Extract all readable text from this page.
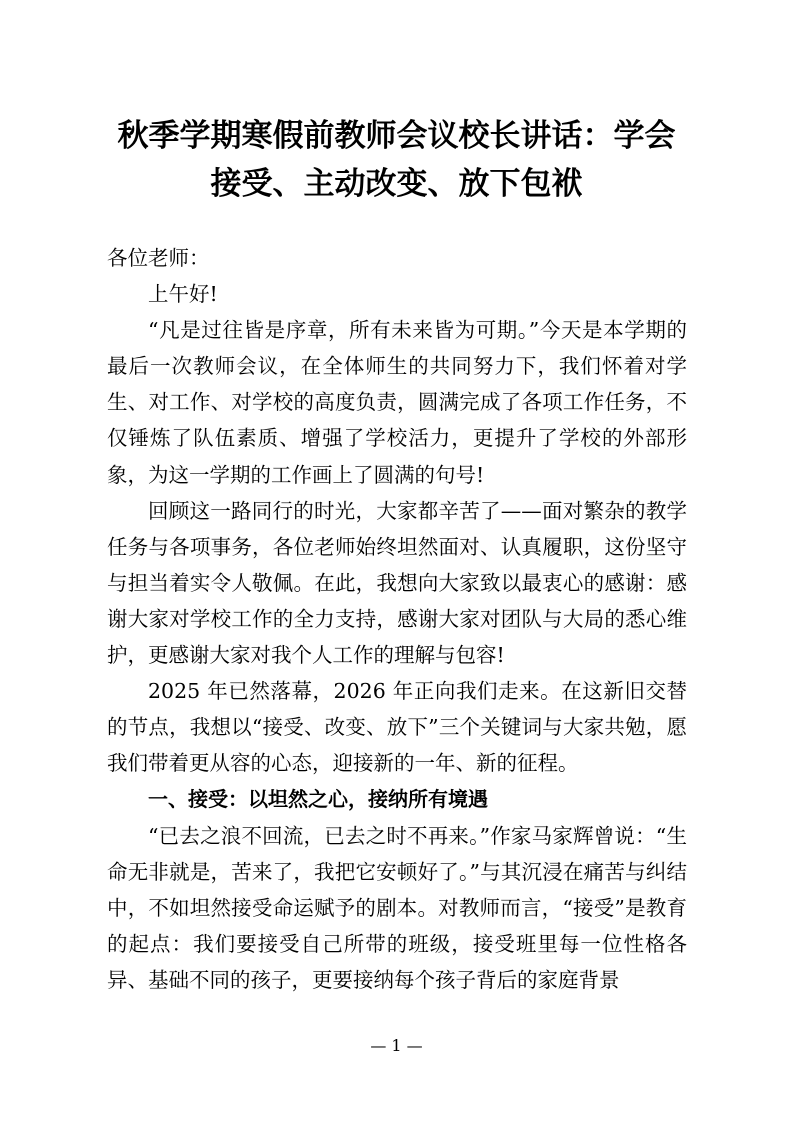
秋季学期寒假前教师会议校长讲话：学会
接受、主动改变、放下包袱

各位老师：

上午好!

“凡是过往皆是序章，所有未来皆为可期。”今天是本学期的最后一次教师会议，在全体师生的共同努力下，我们怀着对学生、对工作、对学校的高度负责，圆满完成了各项工作任务，不仅锤炼了队伍素质、增强了学校活力，更提升了学校的外部形象，为这一学期的工作画上了圆满的句号!

回顾这一路同行的时光，大家都辛苦了——面对繁杂的教学任务与各项事务，各位老师始终坦然面对、认真履职，这份坚守与担当着实令人敬佩。在此，我想向大家致以最衷心的感谢：感谢大家对学校工作的全力支持，感谢大家对团队与大局的悉心维护，更感谢大家对我个人工作的理解与包容!

2025 年已然落幕，2026 年正向我们走来。在这新旧交替的节点，我想以“接受、改变、放下”三个关键词与大家共勉，愿我们带着更从容的心态，迎接新的一年、新的征程。

一、接受：以坦然之心，接纳所有境遇

“已去之浪不回流，已去之时不再来。”作家马家辉曾说：“生命无非就是，苦来了，我把它安顿好了。”与其沉浸在痛苦与纠结中，不如坦然接受命运赋予的剧本。对教师而言，“接受”是教育的起点：我们要接受自己所带的班级，接受班里每一位性格各异、基础不同的孩子，更要接纳每个孩子背后的家庭背景

— 1 —
